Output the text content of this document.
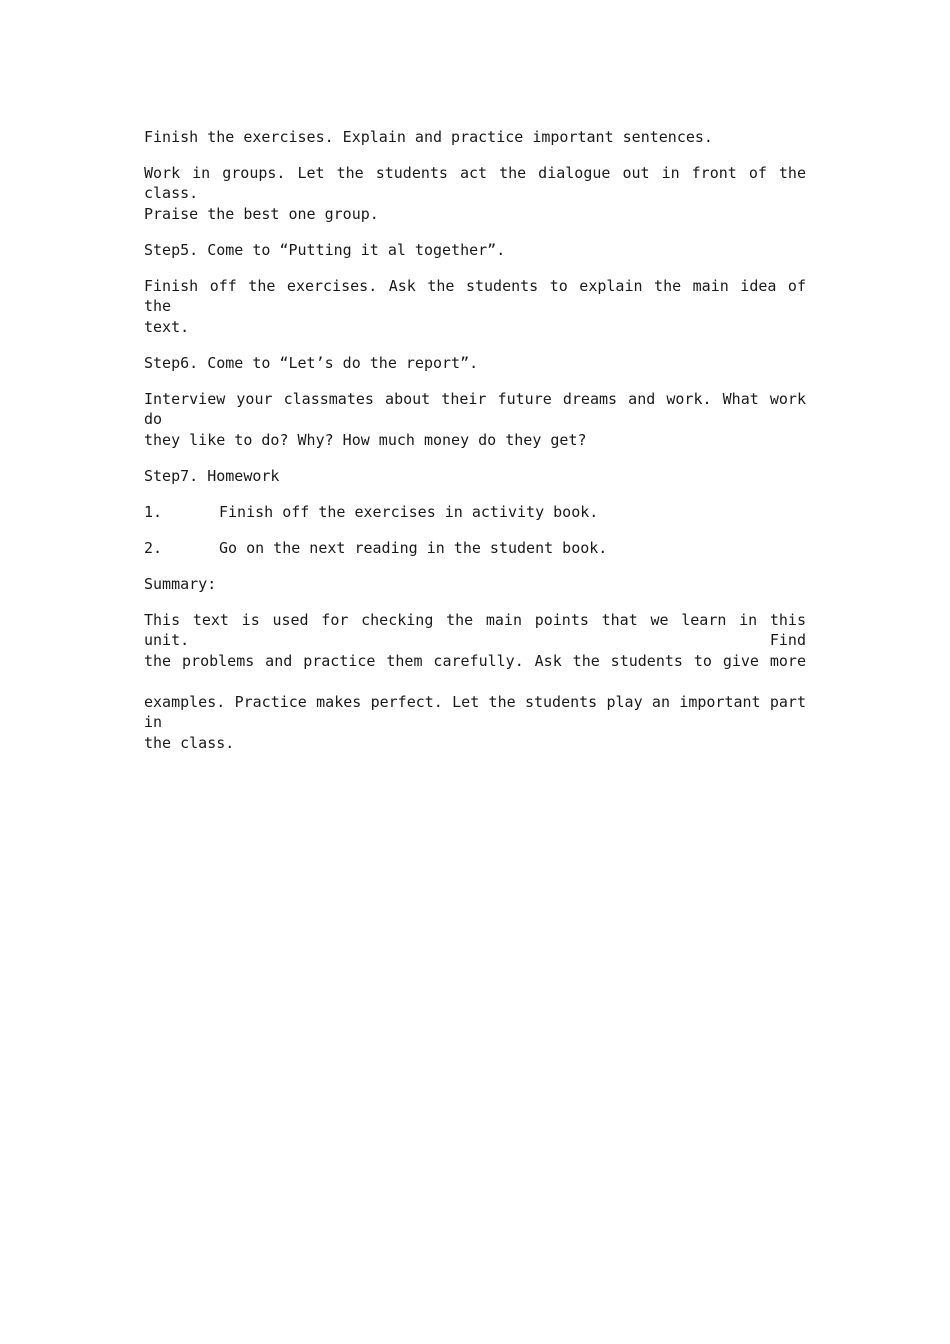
Finish the exercises. Explain and practice important sentences.

Work in groups. Let the students act the dialogue out in front of the class.

Praise the best one group.

Step5. Come to “Putting it al together”.

Finish off the exercises. Ask the students to explain the main idea of the

text.

Step6. Come to “Let’s do the report”.

Interview your classmates about their future dreams and work. What work do

they like to do? Why? How much money do they get?

Step7. Homework

1.	Finish off the exercises in activity book.

2.	Go on the next reading in the student book.

Summary:

This text is used for checking the main points that we learn in this unit. Find

the problems and practice them carefully. Ask the students to give more

examples. Practice makes perfect. Let the students play an important part in

the class.
